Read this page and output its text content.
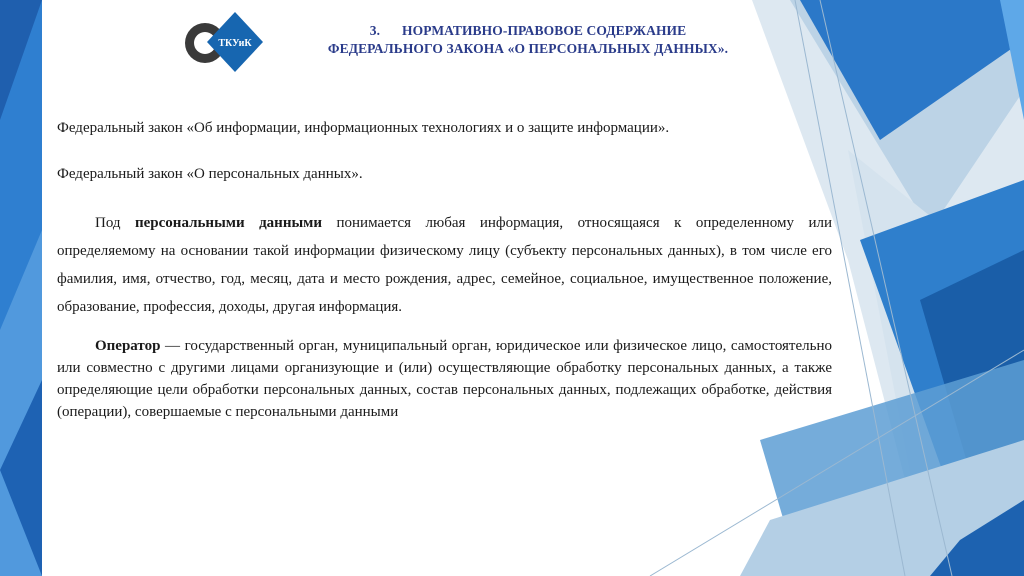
ТКУиК
3. НОРМАТИВНО-ПРАВОВОЕ СОДЕРЖАНИЕ
ФЕДЕРАЛЬНОГО ЗАКОНА «О ПЕРСОНАЛЬНЫХ ДАННЫХ».

Федеральный закон «Об информации, информационных технологиях и о защите информации».

Федеральный закон «О персональных данных».

Под персональными данными понимается любая информация, относящаяся к определенному или определяемому на основании такой информации физическому лицу (субъекту персональных данных), в том числе его фамилия, имя, отчество, год, месяц, дата и место рождения, адрес, семейное, социальное, имущественное положение, образование, профессия, доходы, другая информация.

Оператор — государственный орган, муниципальный орган, юридическое или физическое лицо, самостоятельно или совместно с другими лицами организующие и (или) осуществляющие обработку персональных данных, а также определяющие цели обработки персональных данных, состав персональных данных, подлежащих обработке, действия (операции), совершаемые с персональными данными
